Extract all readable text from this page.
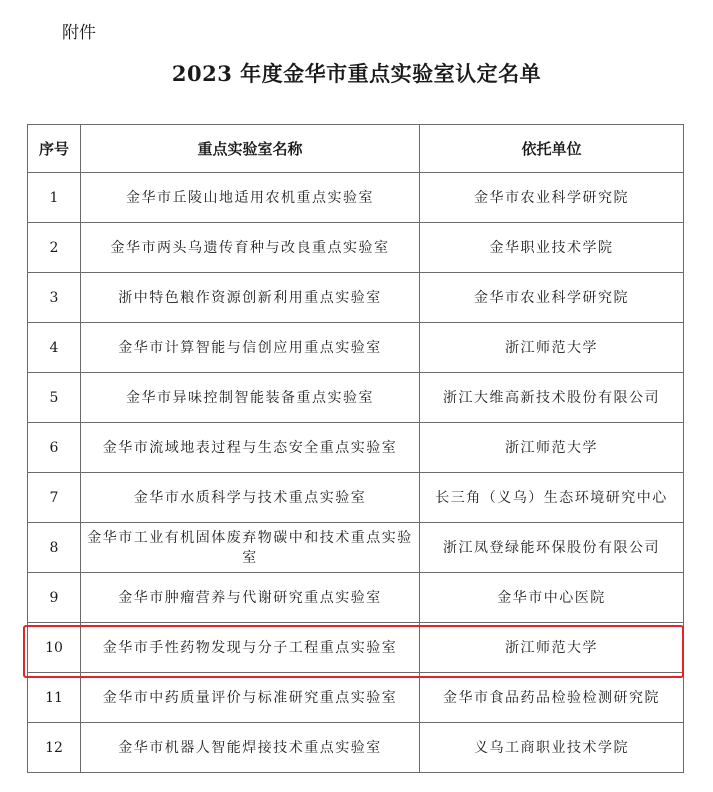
附件
2023 年度金华市重点实验室认定名单
序号	重点实验室名称	依托单位
1	金华市丘陵山地适用农机重点实验室	金华市农业科学研究院
2	金华市两头乌遗传育种与改良重点实验室	金华职业技术学院
3	浙中特色粮作资源创新利用重点实验室	金华市农业科学研究院
4	金华市计算智能与信创应用重点实验室	浙江师范大学
5	金华市异味控制智能装备重点实验室	浙江大维高新技术股份有限公司
6	金华市流域地表过程与生态安全重点实验室	浙江师范大学
7	金华市水质科学与技术重点实验室	长三角（义乌）生态环境研究中心
8	金华市工业有机固体废弃物碳中和技术重点实验室	浙江凤登绿能环保股份有限公司
9	金华市肿瘤营养与代谢研究重点实验室	金华市中心医院
10	金华市手性药物发现与分子工程重点实验室	浙江师范大学
11	金华市中药质量评价与标准研究重点实验室	金华市食品药品检验检测研究院
12	金华市机器人智能焊接技术重点实验室	义乌工商职业技术学院
